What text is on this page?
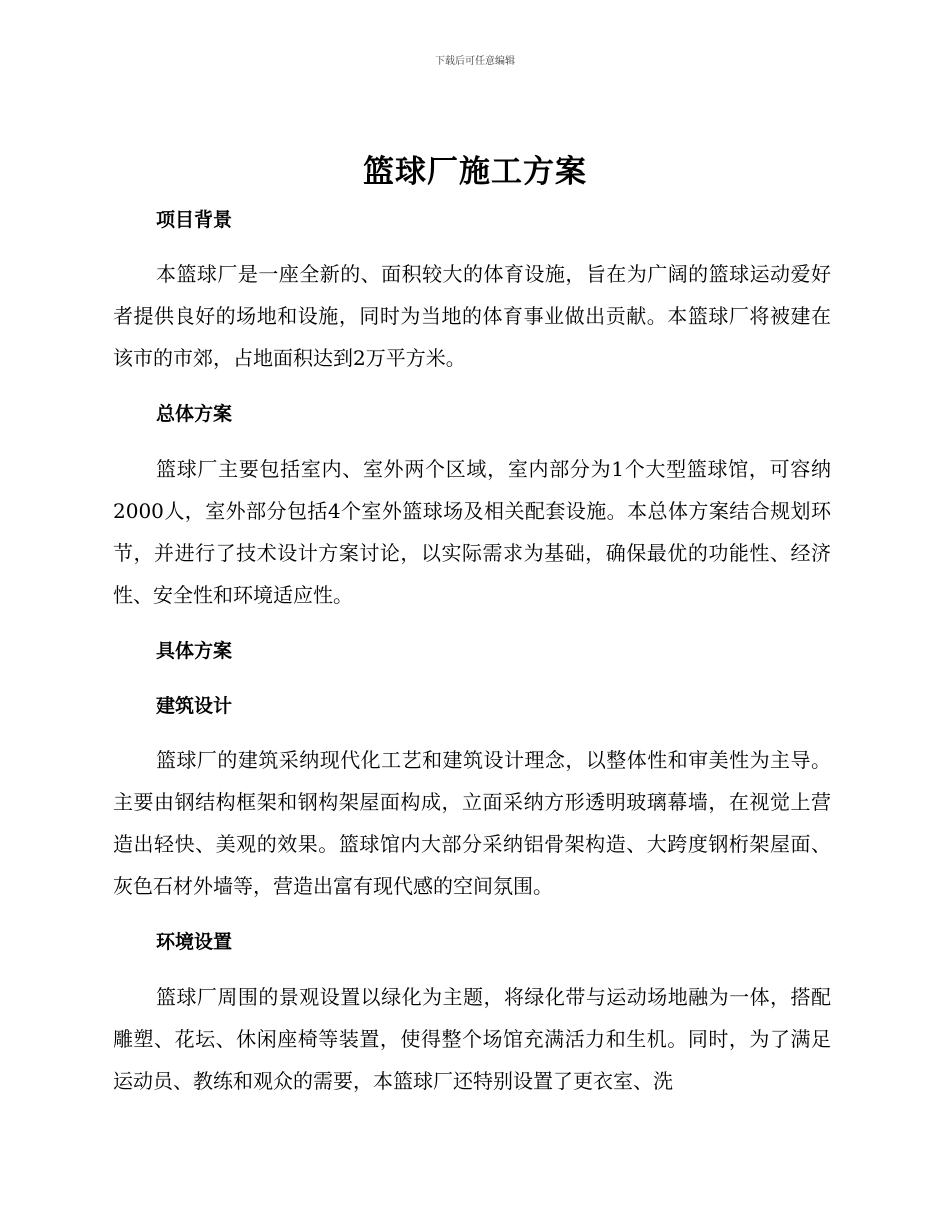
下载后可任意编辑
篮球厂施工方案
项目背景

本篮球厂是一座全新的、面积较大的体育设施，旨在为广阔的篮球运动爱好者提供良好的场地和设施，同时为当地的体育事业做出贡献。本篮球厂将被建在该市的市郊，占地面积达到2万平方米。

总体方案

篮球厂主要包括室内、室外两个区域，室内部分为1个大型篮球馆，可容纳2000人，室外部分包括4个室外篮球场及相关配套设施。本总体方案结合规划环节，并进行了技术设计方案讨论，以实际需求为基础，确保最优的功能性、经济性、安全性和环境适应性。

具体方案
建筑设计

篮球厂的建筑采纳现代化工艺和建筑设计理念，以整体性和审美性为主导。主要由钢结构框架和钢构架屋面构成，立面采纳方形透明玻璃幕墙，在视觉上营造出轻快、美观的效果。篮球馆内大部分采纳铝骨架构造、大跨度钢桁架屋面、灰色石材外墙等，营造出富有现代感的空间氛围。

环境设置

篮球厂周围的景观设置以绿化为主题，将绿化带与运动场地融为一体，搭配雕塑、花坛、休闲座椅等装置，使得整个场馆充满活力和生机。同时，为了满足运动员、教练和观众的需要，本篮球厂还特别设置了更衣室、洗
